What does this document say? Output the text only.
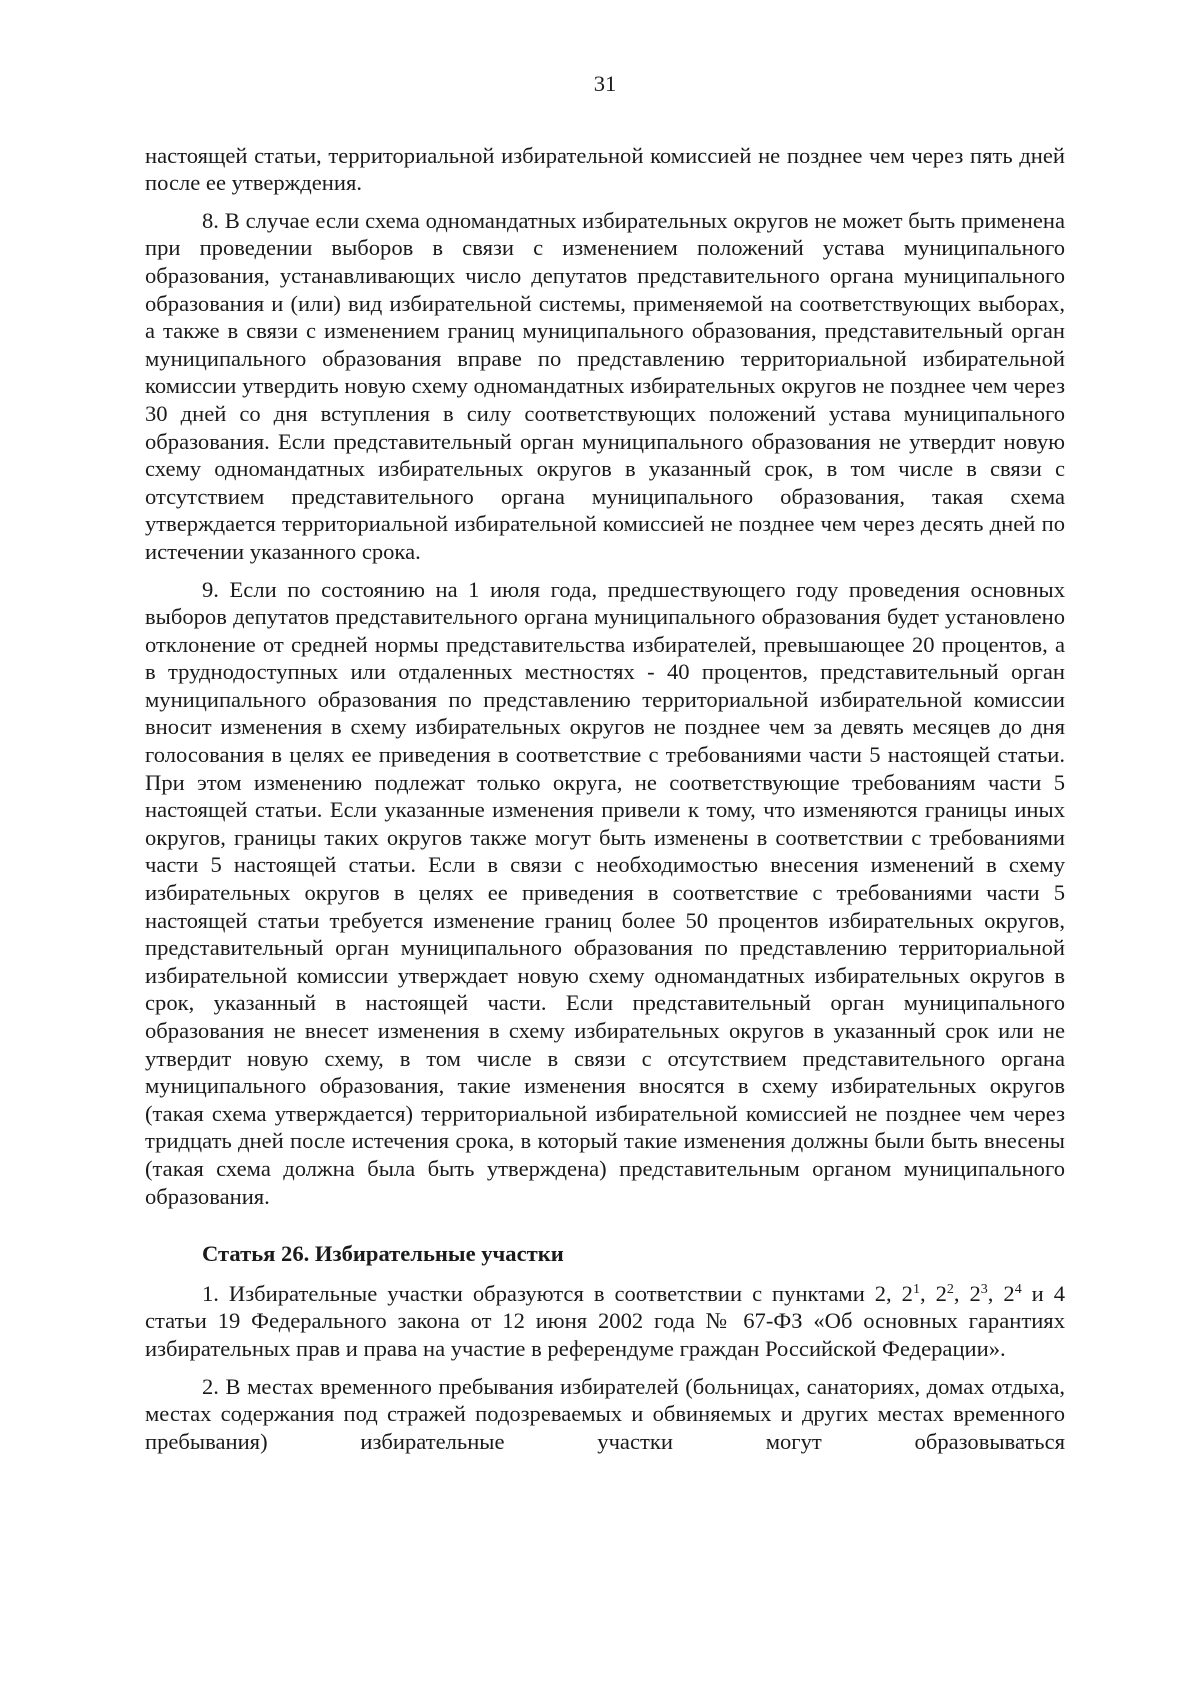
31

настоящей статьи, территориальной избирательной комиссией не позднее чем через пять дней после ее утверждения.

8. В случае если схема одномандатных избирательных округов не может быть применена при проведении выборов в связи с изменением положений устава муниципального образования, устанавливающих число депутатов представительного органа муниципального образования и (или) вид избирательной системы, применяемой на соответствующих выборах, а также в связи с изменением границ муниципального образования, представительный орган муниципального образования вправе по представлению территориальной избирательной комиссии утвердить новую схему одномандатных избирательных округов не позднее чем через 30 дней со дня вступления в силу соответствующих положений устава муниципального образования. Если представительный орган муниципального образования не утвердит новую схему одномандатных избирательных округов в указанный срок, в том числе в связи с отсутствием представительного органа муниципального образования, такая схема утверждается территориальной избирательной комиссией не позднее чем через десять дней по истечении указанного срока.

9. Если по состоянию на 1 июля года, предшествующего году проведения основных выборов депутатов представительного органа муниципального образования будет установлено отклонение от средней нормы представительства избирателей, превышающее 20 процентов, а в труднодоступных или отдаленных местностях - 40 процентов, представительный орган муниципального образования по представлению территориальной избирательной комиссии вносит изменения в схему избирательных округов не позднее чем за девять месяцев до дня голосования в целях ее приведения в соответствие с требованиями части 5 настоящей статьи. При этом изменению подлежат только округа, не соответствующие требованиям части 5 настоящей статьи. Если указанные изменения привели к тому, что изменяются границы иных округов, границы таких округов также могут быть изменены в соответствии с требованиями части 5 настоящей статьи. Если в связи с необходимостью внесения изменений в схему избирательных округов в целях ее приведения в соответствие с требованиями части 5 настоящей статьи требуется изменение границ более 50 процентов избирательных округов, представительный орган муниципального образования по представлению территориальной избирательной комиссии утверждает новую схему одномандатных избирательных округов в срок, указанный в настоящей части. Если представительный орган муниципального образования не внесет изменения в схему избирательных округов в указанный срок или не утвердит новую схему, в том числе в связи с отсутствием представительного органа муниципального образования, такие изменения вносятся в схему избирательных округов (такая схема утверждается) территориальной избирательной комиссией не позднее чем через тридцать дней после истечения срока, в который такие изменения должны были быть внесены (такая схема должна была быть утверждена) представительным органом муниципального образования.

Статья 26. Избирательные участки

1. Избирательные участки образуются в соответствии с пунктами 2, $2^1$, $2^2$, $2^3$, $2^4$ и 4 статьи 19 Федерального закона от 12 июня 2002 года № 67-ФЗ «Об основных гарантиях избирательных прав и права на участие в референдуме граждан Российской Федерации».

2. В местах временного пребывания избирателей (больницах, санаториях, домах отдыха, местах содержания под стражей подозреваемых и обвиняемых и других местах временного пребывания) избирательные участки могут образовываться
